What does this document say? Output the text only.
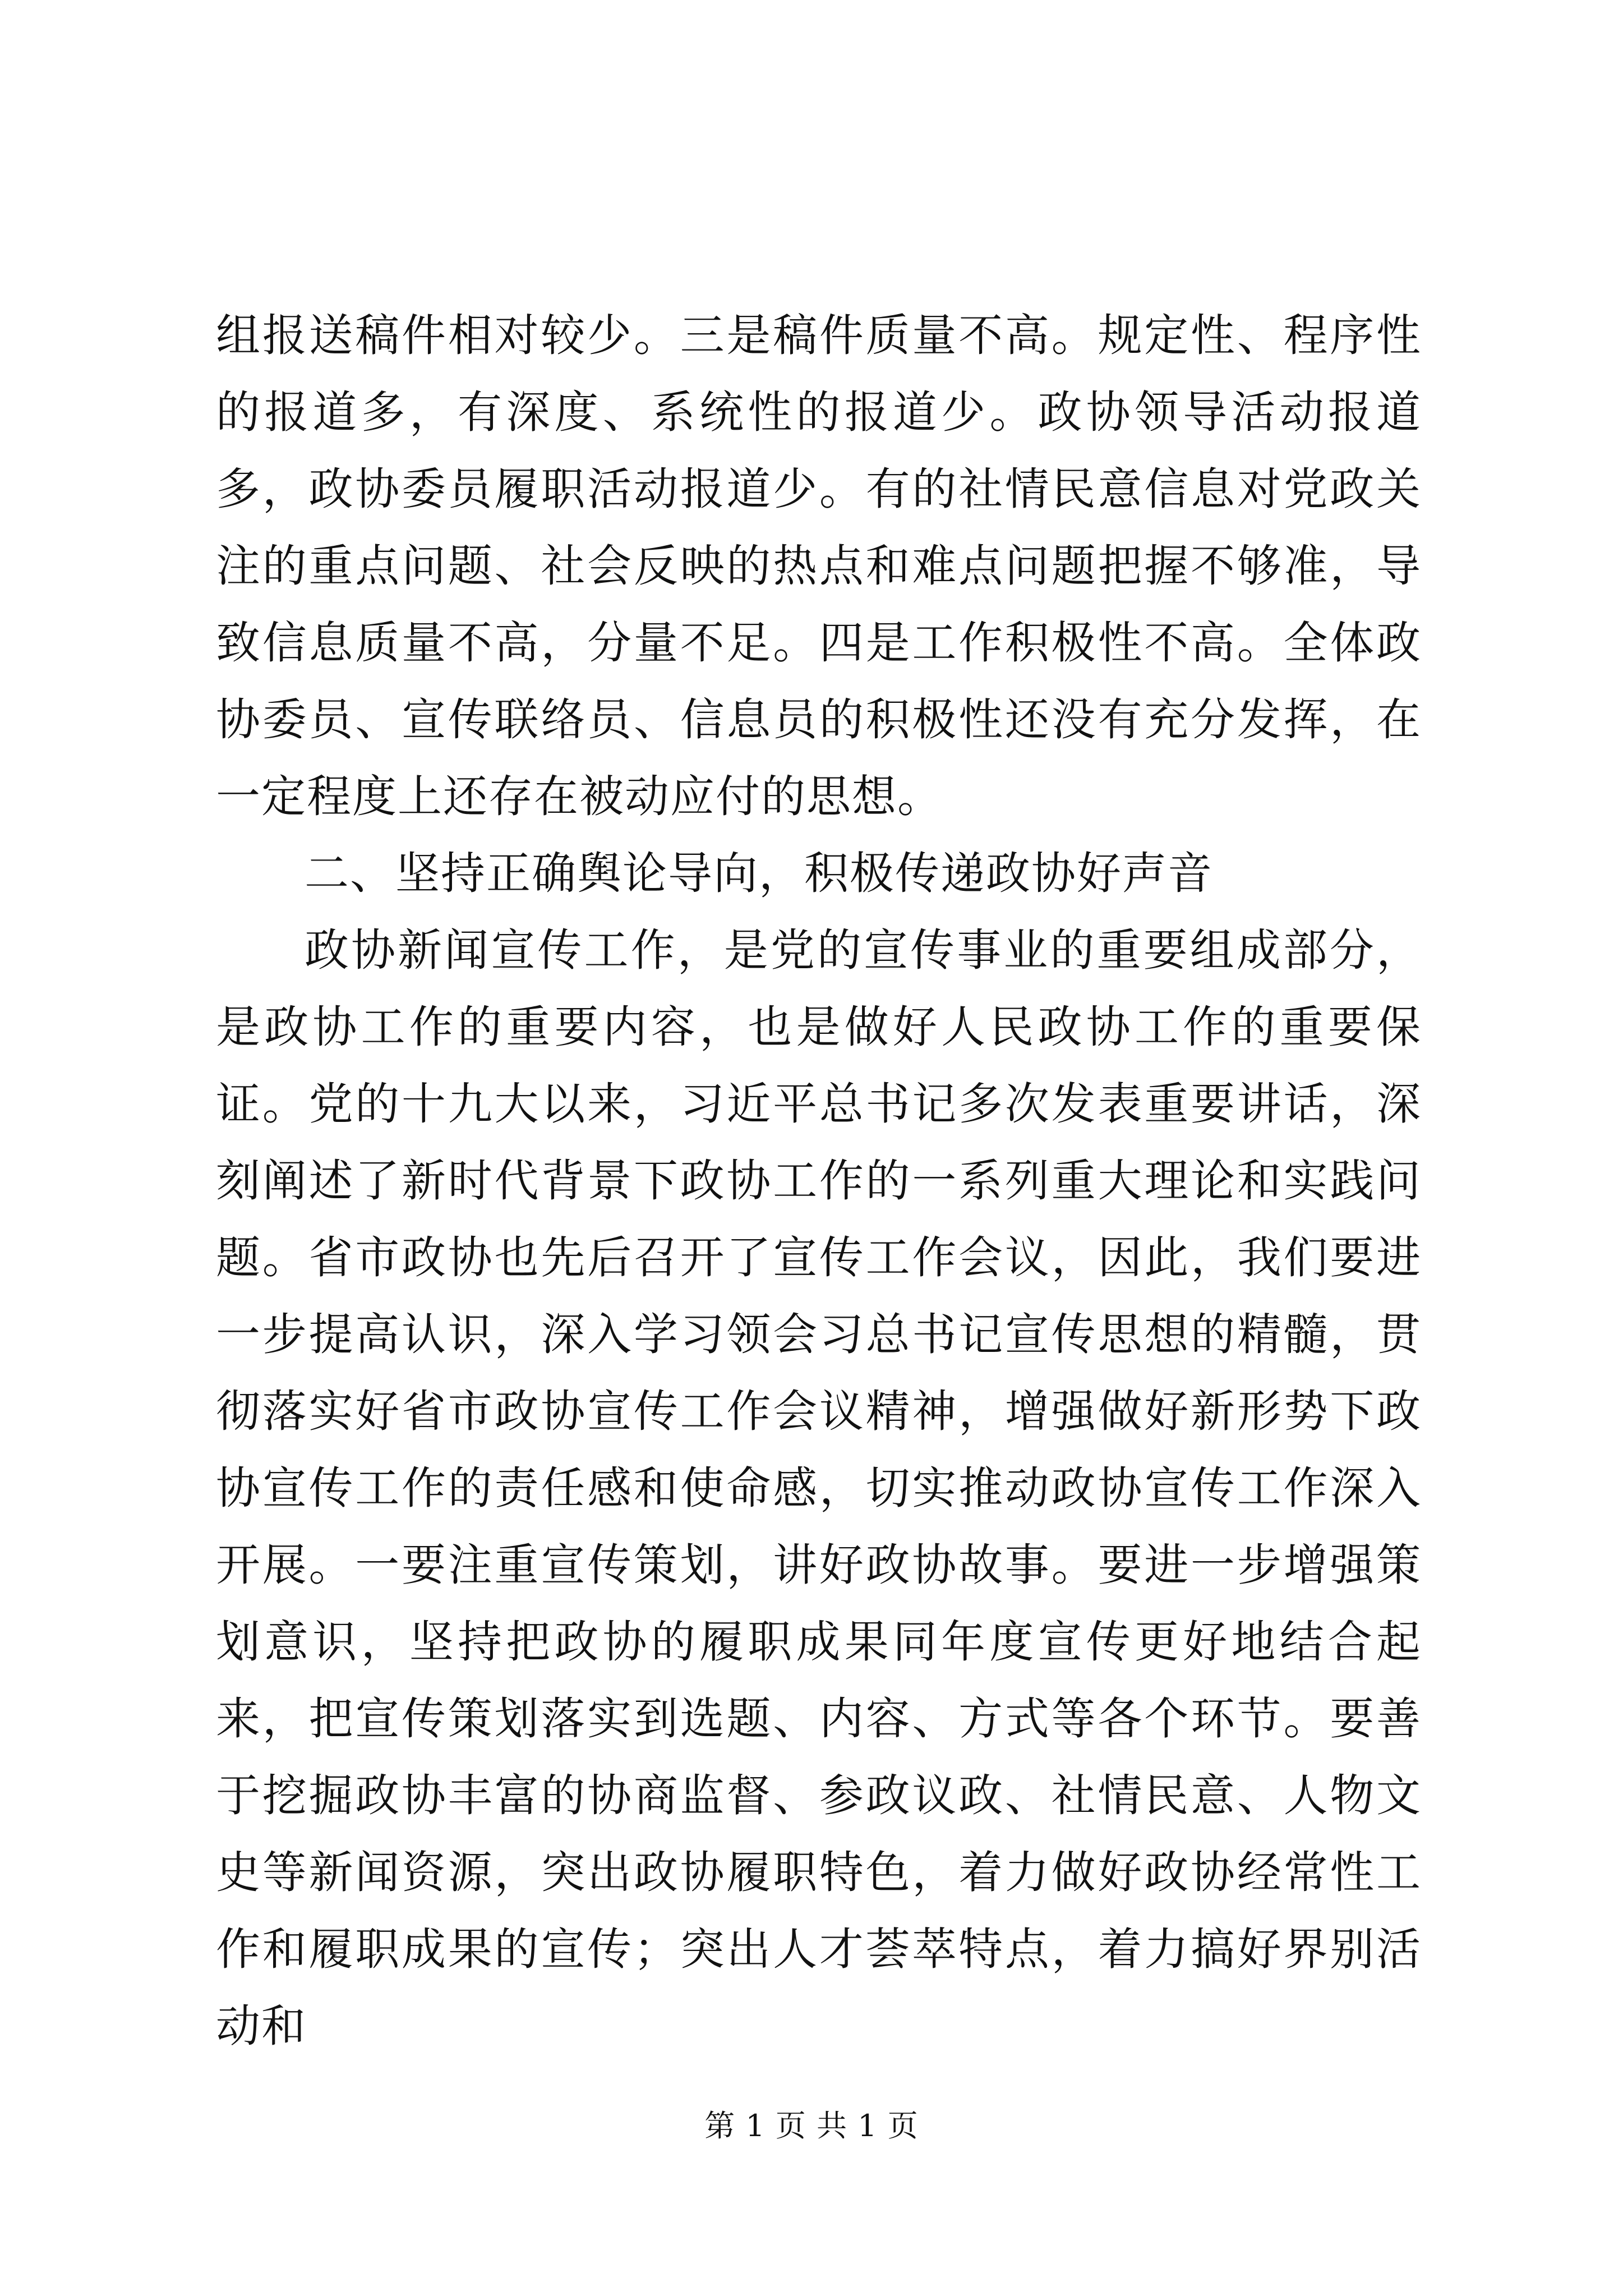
组报送稿件相对较少。三是稿件质量不高。规定性、程序性的报道多，有深度、系统性的报道少。政协领导活动报道多，政协委员履职活动报道少。有的社情民意信息对党政关注的重点问题、社会反映的热点和难点问题把握不够准，导致信息质量不高，分量不足。四是工作积极性不高。全体政协委员、宣传联络员、信息员的积极性还没有充分发挥，在一定程度上还存在被动应付的思想。

二、坚持正确舆论导向，积极传递政协好声音

政协新闻宣传工作，是党的宣传事业的重要组成部分，是政协工作的重要内容，也是做好人民政协工作的重要保证。党的十九大以来，习近平总书记多次发表重要讲话，深刻阐述了新时代背景下政协工作的一系列重大理论和实践问题。省市政协也先后召开了宣传工作会议，因此，我们要进一步提高认识，深入学习领会习总书记宣传思想的精髓，贯彻落实好省市政协宣传工作会议精神，增强做好新形势下政协宣传工作的责任感和使命感，切实推动政协宣传工作深入开展。一要注重宣传策划，讲好政协故事。要进一步增强策划意识，坚持把政协的履职成果同年度宣传更好地结合起来，把宣传策划落实到选题、内容、方式等各个环节。要善于挖掘政协丰富的协商监督、参政议政、社情民意、人物文史等新闻资源，突出政协履职特色，着力做好政协经常性工作和履职成果的宣传；突出人才荟萃特点，着力搞好界别活动和

第 1 页 共 1 页
